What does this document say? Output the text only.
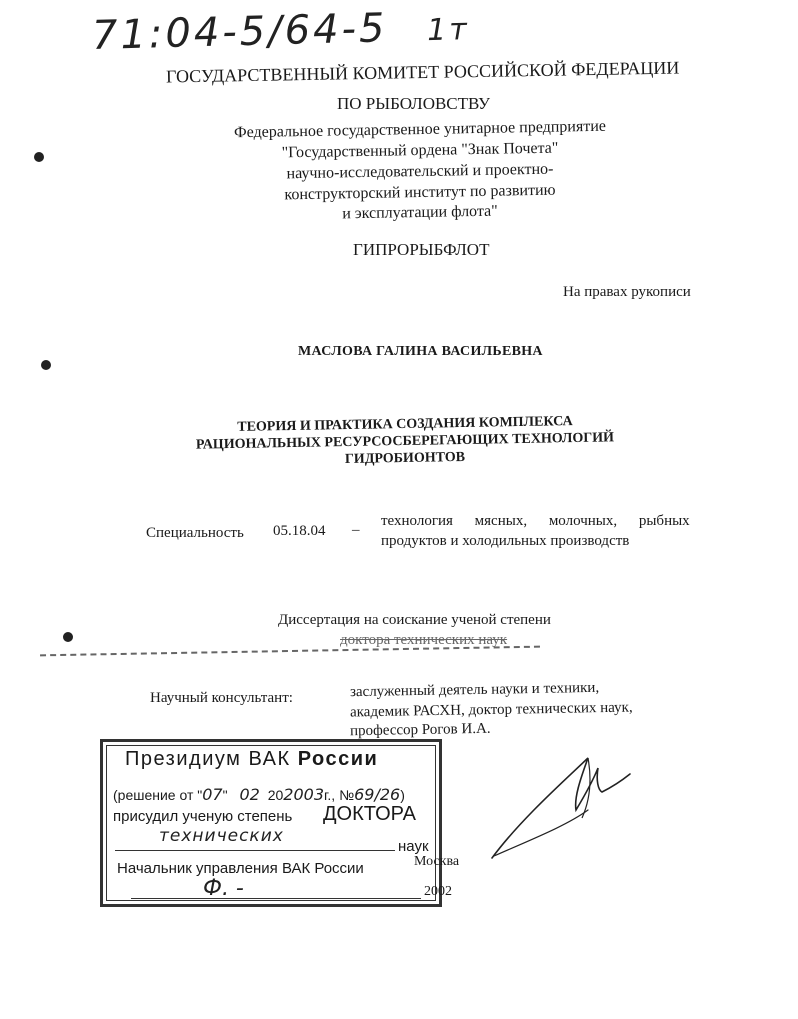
71:04-5/64-5 1т
ГОСУДАРСТВЕННЫЙ КОМИТЕТ РОССИЙСКОЙ ФЕДЕРАЦИИ
ПО РЫБОЛОВСТВУ
Федеральное государственное унитарное предприятие
"Государственный ордена "Знак Почета"
научно-исследовательский и проектно-
конструкторский институт по развитию
и эксплуатации флота"
ГИПРОРЫБФЛОТ
На правах рукописи
МАСЛОВА ГАЛИНА ВАСИЛЬЕВНА
ТЕОРИЯ И ПРАКТИКА СОЗДАНИЯ КОМПЛЕКСА
РАЦИОНАЛЬНЫХ РЕСУРСОСБЕРЕГАЮЩИХ ТЕХНОЛОГИЙ
ГИДРОБИОНТОВ
Специальность 05.18.04 –
технология мясных, молочных, рыбных
продуктов и холодильных производств
Диссертация на соискание ученой степени
доктора технических наук
Научный консультант:	заслуженный деятель науки и техники,
академик РАСХН, доктор технических наук,
профессор Рогов И.А.
Президиум ВАК России
(решение от "07" 02 202003г., №69/26)
присудил ученую степень ДОКТОРА
технических
наук
Начальник управления ВАК России
Ф. -
Москва
2002
